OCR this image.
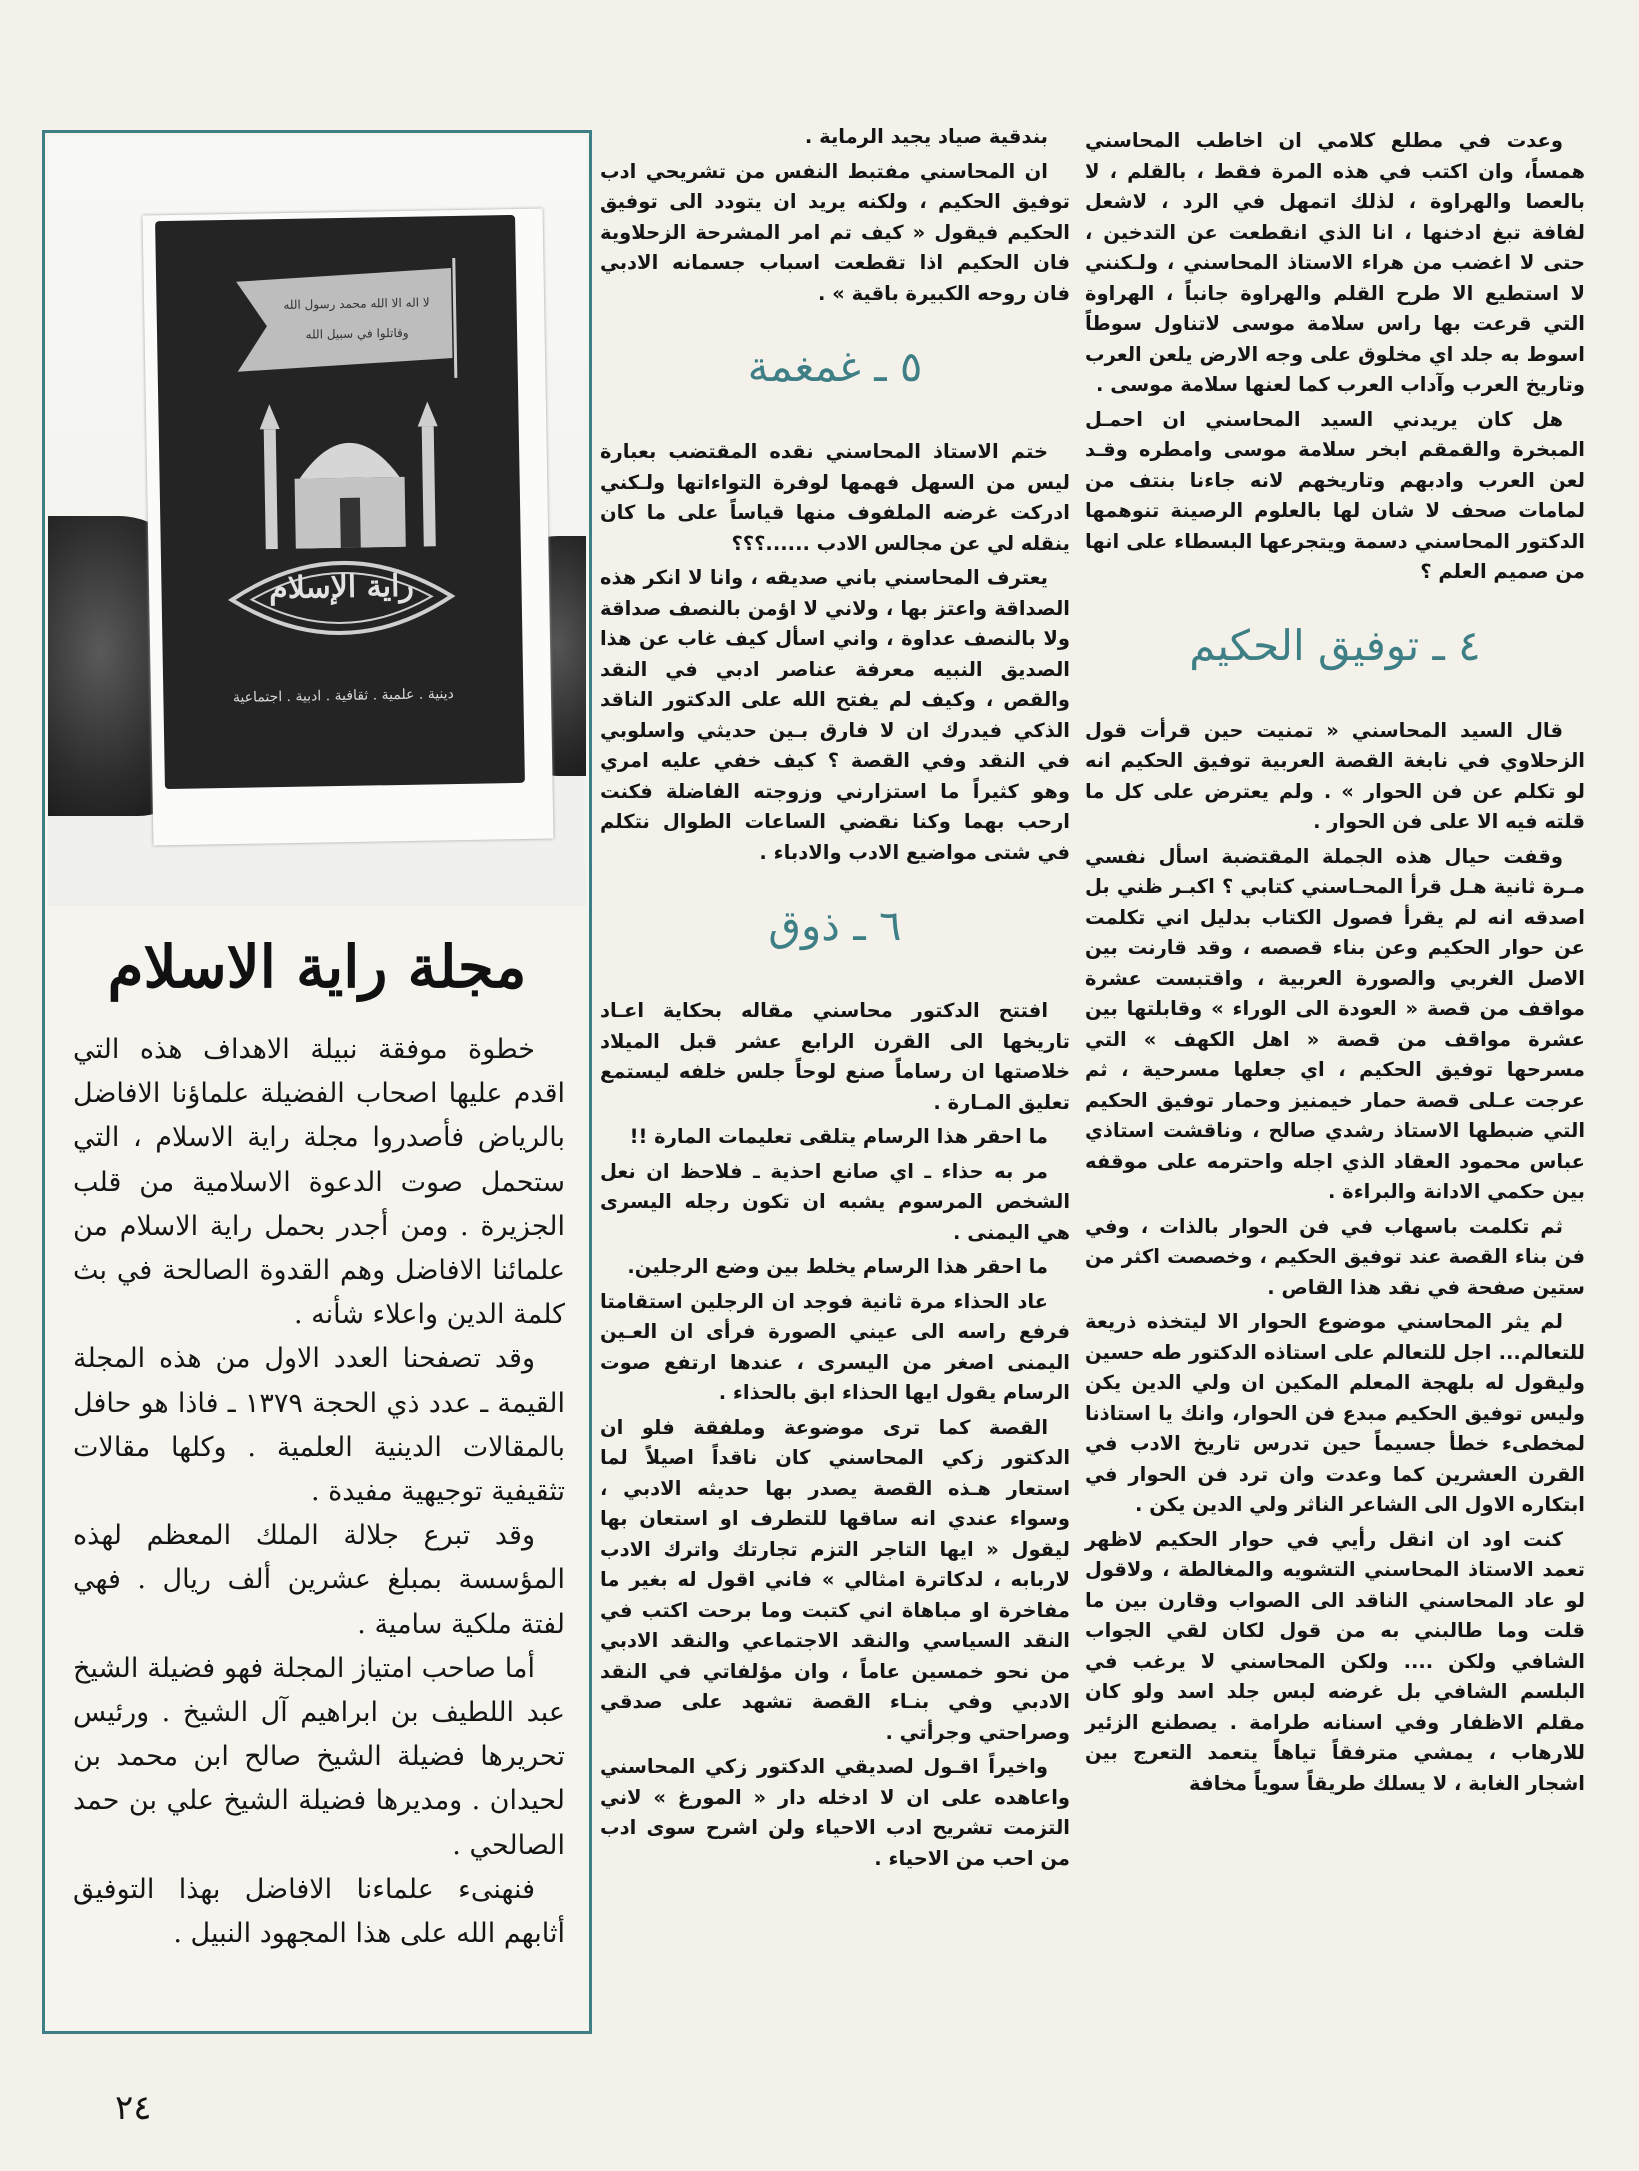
وعدت في مطلع كلامي ان اخاطب المحاسني همساً، وان اكتب في هذه المرة فقط ، بالقلم ، لا بالعصا والهراوة ، لذلك اتمهل في الرد ، لاشعل لفافة تبغ ادخنها ، انا الذي انقطعت عن التدخين ، حتى لا اغضب من هراء الاستاذ المحاسني ، ولـكنني لا استطيع الا طرح القلم والهراوة جانباً ، الهراوة التي قرعت بها راس سلامة موسى لاتناول سوطاً اسوط به جلد اي مخلوق على وجه الارض يلعن العرب وتاريخ العرب وآداب العرب كما لعنها سلامة موسى .

هل كان يريدني السيد المحاسني ان احمـل المبخرة والقمقم ابخر سلامة موسى وامطره وقـد لعن العرب وادبهم وتاريخهم لانه جاءنا بنتف من لمامات صحف لا شان لها بالعلوم الرصينة تنوهمها الدكتور المحاسني دسمة ويتجرعها البسطاء على انها من صميم العلم ؟

٤ ـ توفيق الحكيم

قال السيد المحاسني « تمنيت حين قرأت قول الزحلاوي في نابغة القصة العربية توفيق الحكيم انه لو تكلم عن فن الحوار » . ولم يعترض على كل ما قلته فيه الا على فن الحوار .

وقفت حيال هذه الجملة المقتضبة اسأل نفسي مـرة ثانية هـل قرأ المحـاسني كتابي ؟ اكبـر ظني بل اصدقه انه لم يقرأ فصول الكتاب بدليل اني تكلمت عن حوار الحكيم وعن بناء قصصه ، وقد قارنت بين الاصل الغربي والصورة العربية ، واقتبست عشرة مواقف من قصة « العودة الى الوراء » وقابلتها بين عشرة مواقف من قصة « اهل الكهف » التي مسرحها توفيق الحكيم ، اي جعلها مسرحية ، ثم عرجت عـلى قصة حمار خيمنيز وحمار توفيق الحكيم التي ضبطها الاستاذ رشدي صالح ، وناقشت استاذي عباس محمود العقاد الذي اجله واحترمه على موقفه بين حكمي الادانة والبراءة .

ثم تكلمت باسهاب في فن الحوار بالذات ، وفي فن بناء القصة عند توفيق الحكيم ، وخصصت اكثر من ستين صفحة في نقد هذا القاص .

لم يثر المحاسني موضوع الحوار الا ليتخذه ذريعة للتعالم... اجل للتعالم على استاذه الدكتور طه حسين وليقول له بلهجة المعلم المكين ان ولي الدين يكن وليس توفيق الحكيم مبدع فن الحوار، وانك يا استاذنا لمخطىء خطأ جسيماً حين تدرس تاريخ الادب في القرن العشرين كما وعدت وان ترد فن الحوار في ابتكاره الاول الى الشاعر الناثر ولي الدين يكن .

كنت اود ان انقل رأيي في حوار الحكيم لاظهر تعمد الاستاذ المحاسني التشويه والمغالطة ، ولاقول لو عاد المحاسني الناقد الى الصواب وقارن بين ما قلت وما طالبني به من قول لكان لقي الجواب الشافي ولكن .... ولكن المحاسني لا يرغب في البلسم الشافي بل غرضه لبس جلد اسد ولو كان مقلم الاظفار وفي اسنانه طرامة . يصطنع الزئير للارهاب ، يمشي مترفقاً تياهاً يتعمد التعرج بين اشجار الغابة ، لا يسلك طريقاً سوياً مخافة

بندقية صياد يجيد الرماية .

ان المحاسني مفتبط النفس من تشريحي ادب توفيق الحكيم ، ولكنه يريد ان يتودد الى توفيق الحكيم فيقول « كيف تم امر المشرحة الزحلاوية فان الحكيم اذا تقطعت اسباب جسمانه الادبي فان روحه الكبيرة باقية » .

٥ ـ غمغمة

ختم الاستاذ المحاسني نقده المقتضب بعبارة ليس من السهل فهمها لوفرة التواءاتها ولـكني ادركت غرضه الملفوف منها قياساً على ما كان ينقله لي عن مجالس الادب ......؟؟؟

يعترف المحاسني باني صديقه ، وانا لا انكر هذه الصداقة واعتز بها ، ولاني لا اؤمن بالنصف صداقة ولا بالنصف عداوة ، واني اسأل كيف غاب عن هذا الصديق النبيه معرفة عناصر ادبي في النقد والقص ، وكيف لم يفتح الله على الدكتور الناقد الذكي فيدرك ان لا فارق بـين حديثي واسلوبي في النقد وفي القصة ؟ كيف خفي عليه امري وهو كثيراً ما استزارني وزوجته الفاضلة فكنت ارحب بهما وكنا نقضي الساعات الطوال نتكلم في شتى مواضيع الادب والادباء .

٦ ـ ذوق

افتتح الدكتور محاسني مقاله بحكاية اعـاد تاريخها الى القرن الرابع عشر قبل الميلاد خلاصتها ان رساماً صنع لوحاً جلس خلفه ليستمع تعليق المـارة .

ما احقر هذا الرسام يتلقى تعليمات المارة !!

مر به حذاء ـ اي صانع احذية ـ فلاحظ ان نعل الشخص المرسوم يشبه ان تكون رجله اليسرى هي اليمنى .

ما احقر هذا الرسام يخلط بين وضع الرجلين.

عاد الحذاء مرة ثانية فوجد ان الرجلين استقامتا فرفع راسه الى عيني الصورة فرأى ان العـين اليمنى اصغر من اليسرى ، عندها ارتفع صوت الرسام يقول ايها الحذاء ابق بالحذاء .

القصة كما ترى موضوعة وملفقة فلو ان الدكتور زكي المحاسني كان ناقداً اصيلاً لما استعار هـذه القصة يصدر بها حديثه الادبي ، وسواء عندي انه ساقها للتطرف او استعان بها ليقول « ايها التاجر التزم تجارتك واترك الادب لاربابه ، لدكاترة امثالي » فاني اقول له بغير ما مفاخرة او مباهاة اني كتبت وما برحت اكتب في النقد السياسي والنقد الاجتماعي والنقد الادبي من نحو خمسين عاماً ، وان مؤلفاتي في النقد الادبي وفي بنـاء القصة تشهد على صدقي وصراحتي وجرأتي .

واخيراً اقـول لصديقي الدكتور زكي المحاسني واعاهده على ان لا ادخله دار « المورغ » لاني التزمت تشريح ادب الاحياء ولن اشرح سوى ادب من احب من الاحياء .

لا اله الا الله محمد رسول الله
وقاتلوا في سبيل الله
راية الإسلام
دينية . علمية . ثقافية . ادبية . اجتماعية
مجلة راية الاسلام

خطوة موفقة نبيلة الاهداف هذه التي اقدم عليها اصحاب الفضيلة علماؤنا الافاضل بالرياض فأصدروا مجلة راية الاسلام ، التي ستحمل صوت الدعوة الاسلامية من قلب الجزيرة . ومن أجدر بحمل راية الاسلام من علمائنا الافاضل وهم القدوة الصالحة في بث كلمة الدين واعلاء شأنه .

وقد تصفحنا العدد الاول من هذه المجلة القيمة ـ عدد ذي الحجة ١٣٧٩ ـ فاذا هو حافل بالمقالات الدينية العلمية . وكلها مقالات تثقيفية توجيهية مفيدة .

وقد تبرع جلالة الملك المعظم لهذه المؤسسة بمبلغ عشرين ألف ريال . فهي لفتة ملكية سامية .

أما صاحب امتياز المجلة فهو فضيلة الشيخ عبد اللطيف بن ابراهيم آل الشيخ . ورئيس تحريرها فضيلة الشيخ صالح ابن محمد بن لحيدان . ومديرها فضيلة الشيخ علي بن حمد الصالحي .

فنهنىء علماءنا الافاضل بهذا التوفيق أثابهم الله على هذا المجهود النبيل .

٢٤
